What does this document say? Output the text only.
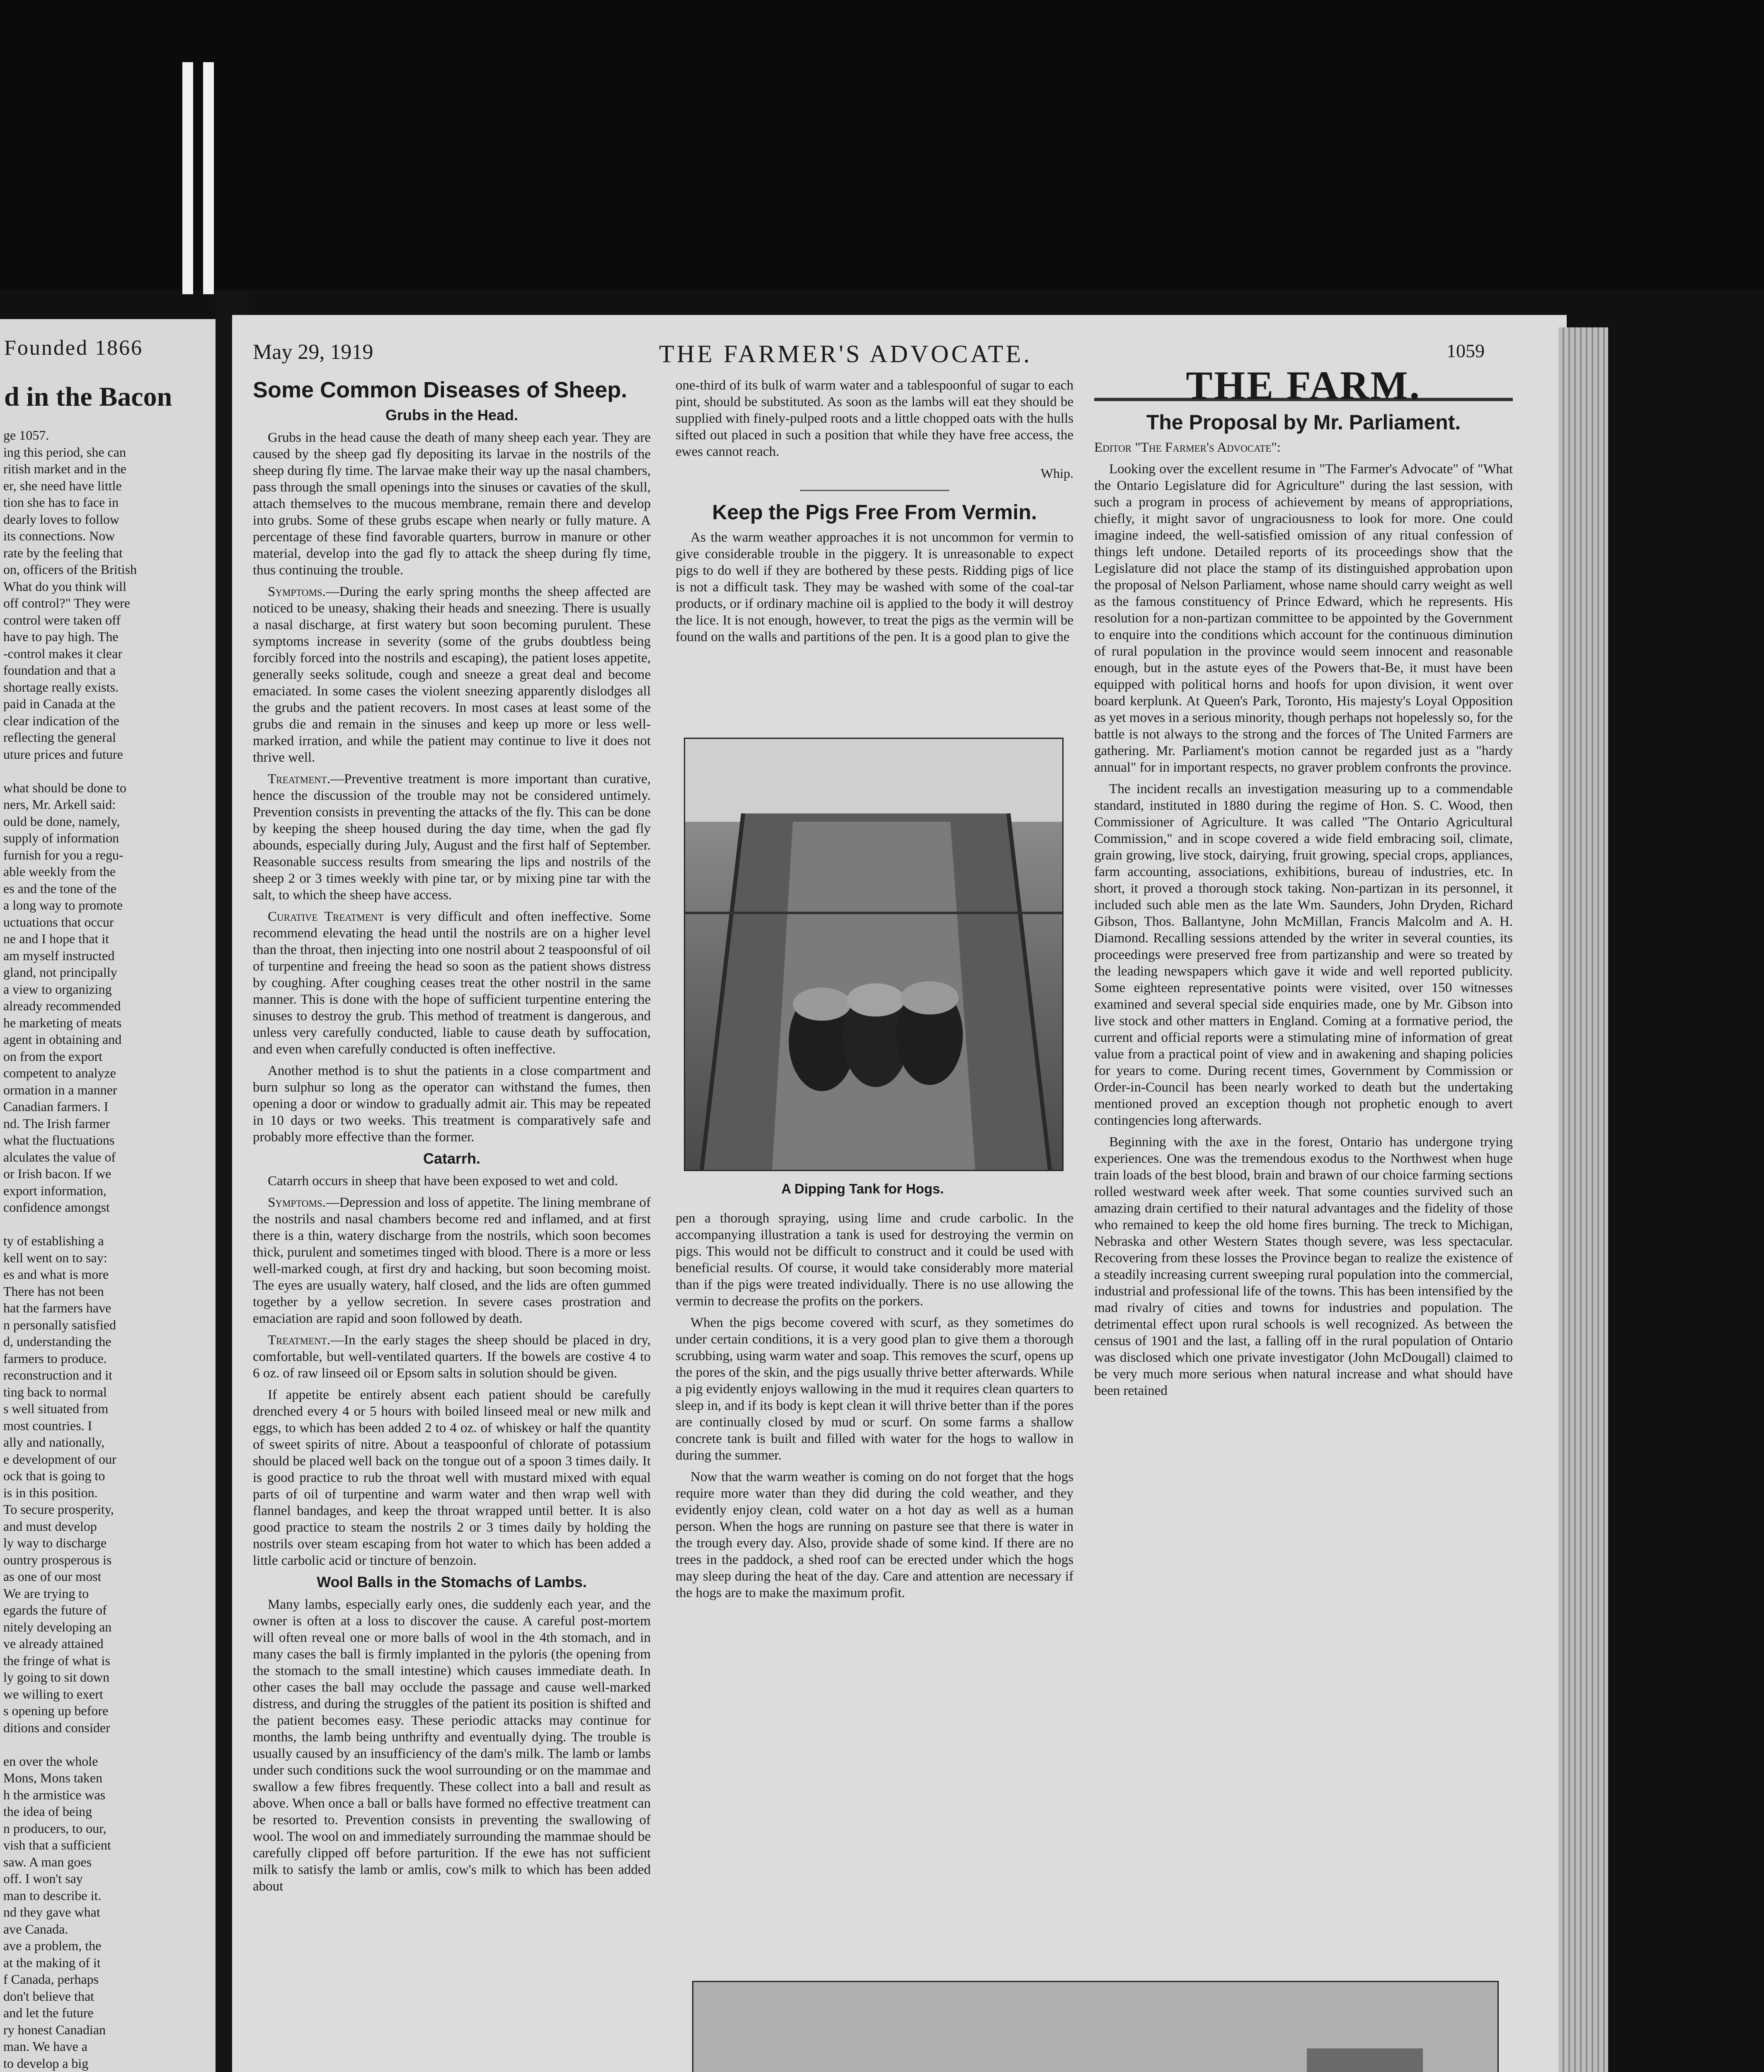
Founded 1866
d in the Bacon
ge 1057.
ing this period, she can
ritish market and in the
er, she need have little
tion she has to face in
dearly loves to follow
its connections. Now
rate by the feeling that
on, officers of the British
What do you think will
off control?" They were
control were taken off
have to pay high. The
-control makes it clear
foundation and that a
shortage really exists.
paid in Canada at the
clear indication of the
reflecting the general
uture prices and future

what should be done to
ners, Mr. Arkell said:
ould be done, namely,
supply of information
furnish for you a regu-
able weekly from the
es and the tone of the
a long way to promote
uctuations that occur
ne and I hope that it
am myself instructed
gland, not principally
a view to organizing
already recommended
he marketing of meats
agent in obtaining and
on from the export
competent to analyze
ormation in a manner
Canadian farmers. I
nd. The Irish farmer
what the fluctuations
alculates the value of
or Irish bacon. If we
export information,
confidence amongst

ty of establishing a
kell went on to say:
es and what is more
There has not been
hat the farmers have
n personally satisfied
d, understanding the
farmers to produce.
reconstruction and it
ting back to normal
s well situated from
most countries. I
ally and nationally,
e development of our
ock that is going to
is in this position.
To secure prosperity,
and must develop
ly way to discharge
ountry prosperous is
as one of our most
We are trying to
egards the future of
nitely developing an
ve already attained
the fringe of what is
ly going to sit down
we willing to exert
s opening up before
ditions and consider

en over the whole
Mons, Mons taken
h the armistice was
the idea of being
n producers, to our,
vish that a sufficient
saw. A man goes
off. I won't say
man to describe it.
nd they gave what
ave Canada.
ave a problem, the
at the making of it
f Canada, perhaps
don't believe that
and let the future
ry honest Canadian
man. We have a
to develop a big
May 29, 1919	THE FARMER'S ADVOCATE.	1059
Some Common Diseases of Sheep.
Grubs in the Head.

Grubs in the head cause the death of many sheep each year. They are caused by the sheep gad fly depositing its larvae in the nostrils of the sheep during fly time. The larvae make their way up the nasal chambers, pass through the small openings into the sinuses or cavaties of the skull, attach themselves to the mucous membrane, remain there and develop into grubs. Some of these grubs escape when nearly or fully mature. A percentage of these find favorable quarters, burrow in manure or other material, develop into the gad fly to attack the sheep during fly time, thus continuing the trouble.

Symptoms.—During the early spring months the sheep affected are noticed to be uneasy, shaking their heads and sneezing. There is usually a nasal discharge, at first watery but soon becoming purulent. These symptoms increase in severity (some of the grubs doubtless being forcibly forced into the nostrils and escaping), the patient loses appetite, generally seeks solitude, cough and sneeze a great deal and become emaciated. In some cases the violent sneezing apparently dislodges all the grubs and the patient recovers. In most cases at least some of the grubs die and remain in the sinuses and keep up more or less well-marked irration, and while the patient may continue to live it does not thrive well.

Treatment.—Preventive treatment is more important than curative, hence the discussion of the trouble may not be considered untimely. Prevention consists in preventing the attacks of the fly. This can be done by keeping the sheep housed during the day time, when the gad fly abounds, especially during July, August and the first half of September. Reasonable success results from smearing the lips and nostrils of the sheep 2 or 3 times weekly with pine tar, or by mixing pine tar with the salt, to which the sheep have access.

Curative Treatment is very difficult and often ineffective. Some recommend elevating the head until the nostrils are on a higher level than the throat, then injecting into one nostril about 2 teaspoonsful of oil of turpentine and freeing the head so soon as the patient shows distress by coughing. After coughing ceases treat the other nostril in the same manner. This is done with the hope of sufficient turpentine entering the sinuses to destroy the grub. This method of treatment is dangerous, and unless very carefully conducted, liable to cause death by suffocation, and even when carefully conducted is often ineffective.

Another method is to shut the patients in a close compartment and burn sulphur so long as the operator can withstand the fumes, then opening a door or window to gradually admit air. This may be repeated in 10 days or two weeks. This treatment is comparatively safe and probably more effective than the former.

Catarrh.

Catarrh occurs in sheep that have been exposed to wet and cold.

Symptoms.—Depression and loss of appetite. The lining membrane of the nostrils and nasal chambers become red and inflamed, and at first there is a thin, watery discharge from the nostrils, which soon becomes thick, purulent and sometimes tinged with blood. There is a more or less well-marked cough, at first dry and hacking, but soon becoming moist. The eyes are usually watery, half closed, and the lids are often gummed together by a yellow secretion. In severe cases prostration and emaciation are rapid and soon followed by death.

Treatment.—In the early stages the sheep should be placed in dry, comfortable, but well-ventilated quarters. If the bowels are costive 4 to 6 oz. of raw linseed oil or Epsom salts in solution should be given.

If appetite be entirely absent each patient should be carefully drenched every 4 or 5 hours with boiled linseed meal or new milk and eggs, to which has been added 2 to 4 oz. of whiskey or half the quantity of sweet spirits of nitre. About a teaspoonful of chlorate of potassium should be placed well back on the tongue out of a spoon 3 times daily. It is good practice to rub the throat well with mustard mixed with equal parts of oil of turpentine and warm water and then wrap well with flannel bandages, and keep the throat wrapped until better. It is also good practice to steam the nostrils 2 or 3 times daily by holding the nostrils over steam escaping from hot water to which has been added a little carbolic acid or tincture of benzoin.

Wool Balls in the Stomachs of Lambs.

Many lambs, especially early ones, die suddenly each year, and the owner is often at a loss to discover the cause. A careful post-mortem will often reveal one or more balls of wool in the 4th stomach, and in many cases the ball is firmly implanted in the pyloris (the opening from the stomach to the small intestine) which causes immediate death. In other cases the ball may occlude the passage and cause well-marked distress, and during the struggles of the patient its position is shifted and the patient becomes easy. These periodic attacks may continue for months, the lamb being unthrifty and eventually dying. The trouble is usually caused by an insufficiency of the dam's milk. The lamb or lambs under such conditions suck the wool surrounding or on the mammae and swallow a few fibres frequently. These collect into a ball and result as above. When once a ball or balls have formed no effective treatment can be resorted to. Prevention consists in preventing the swallowing of wool. The wool on and immediately surrounding the mammae should be carefully clipped off before parturition. If the ewe has not sufficient milk to satisfy the lamb or amlis, cow's milk to which has been added about

one-third of its bulk of warm water and a tablespoonful of sugar to each pint, should be substituted. As soon as the lambs will eat they should be supplied with finely-pulped roots and a little chopped oats with the hulls sifted out placed in such a position that while they have free access, the ewes cannot reach.

Whip.
Keep the Pigs Free From Vermin.

As the warm weather approaches it is not uncommon for vermin to give considerable trouble in the piggery. It is unreasonable to expect pigs to do well if they are bothered by these pests. Ridding pigs of lice is not a difficult task. They may be washed with some of the coal-tar products, or if ordinary machine oil is applied to the body it will destroy the lice. It is not enough, however, to treat the pigs as the vermin will be found on the walls and partitions of the pen. It is a good plan to give the

A Dipping Tank for Hogs.

pen a thorough spraying, using lime and crude carbolic. In the accompanying illustration a tank is used for destroying the vermin on pigs. This would not be difficult to construct and it could be used with beneficial results. Of course, it would take considerably more material than if the pigs were treated individually. There is no use allowing the vermin to decrease the profits on the porkers.

When the pigs become covered with scurf, as they sometimes do under certain conditions, it is a very good plan to give them a thorough scrubbing, using warm water and soap. This removes the scurf, opens up the pores of the skin, and the pigs usually thrive better afterwards. While a pig evidently enjoys wallowing in the mud it requires clean quarters to sleep in, and if its body is kept clean it will thrive better than if the pores are continually closed by mud or scurf. On some farms a shallow concrete tank is built and filled with water for the hogs to wallow in during the summer.

Now that the warm weather is coming on do not forget that the hogs require more water than they did during the cold weather, and they evidently enjoy clean, cold water on a hot day as well as a human person. When the hogs are running on pasture see that there is water in the trough every day. Also, provide shade of some kind. If there are no trees in the paddock, a shed roof can be erected under which the hogs may sleep during the heat of the day. Care and attention are necessary if the hogs are to make the maximum profit.

THE FARM.
The Proposal by Mr. Parliament.

Editor "The Farmer's Advocate":

Looking over the excellent resume in "The Farmer's Advocate" of "What the Ontario Legislature did for Agriculture" during the last session, with such a program in process of achievement by means of appropriations, chiefly, it might savor of ungraciousness to look for more. One could imagine indeed, the well-satisfied omission of any ritual confession of things left undone. Detailed reports of its proceedings show that the Legislature did not place the stamp of its distinguished approbation upon the proposal of Nelson Parliament, whose name should carry weight as well as the famous constituency of Prince Edward, which he represents. His resolution for a non-partizan committee to be appointed by the Government to enquire into the conditions which account for the continuous diminution of rural population in the province would seem innocent and reasonable enough, but in the astute eyes of the Powers that-Be, it must have been equipped with political horns and hoofs for upon division, it went over board kerplunk. At Queen's Park, Toronto, His majesty's Loyal Opposition as yet moves in a serious minority, though perhaps not hopelessly so, for the battle is not always to the strong and the forces of The United Farmers are gathering. Mr. Parliament's motion cannot be regarded just as a "hardy annual" for in important respects, no graver problem confronts the province.

The incident recalls an investigation measuring up to a commendable standard, instituted in 1880 during the regime of Hon. S. C. Wood, then Commissioner of Agriculture. It was called "The Ontario Agricultural Commission," and in scope covered a wide field embracing soil, climate, grain growing, live stock, dairying, fruit growing, special crops, appliances, farm accounting, associations, exhibitions, bureau of industries, etc. In short, it proved a thorough stock taking. Non-partizan in its personnel, it included such able men as the late Wm. Saunders, John Dryden, Richard Gibson, Thos. Ballantyne, John McMillan, Francis Malcolm and A. H. Diamond. Recalling sessions attended by the writer in several counties, its proceedings were preserved free from partizanship and were so treated by the leading newspapers which gave it wide and well reported publicity. Some eighteen representative points were visited, over 150 witnesses examined and several special side enquiries made, one by Mr. Gibson into live stock and other matters in England. Coming at a formative period, the current and official reports were a stimulating mine of information of great value from a practical point of view and in awakening and shaping policies for years to come. During recent times, Government by Commission or Order-in-Council has been nearly worked to death but the undertaking mentioned proved an exception though not prophetic enough to avert contingencies long afterwards.

Beginning with the axe in the forest, Ontario has undergone trying experiences. One was the tremendous exodus to the Northwest when huge train loads of the best blood, brain and brawn of our choice farming sections rolled westward week after week. That some counties survived such an amazing drain certified to their natural advantages and the fidelity of those who remained to keep the old home fires burning. The treck to Michigan, Nebraska and other Western States though severe, was less spectacular. Recovering from these losses the Province began to realize the existence of a steadily increasing current sweeping rural population into the commercial, industrial and professional life of the towns. This has been intensified by the mad rivalry of cities and towns for industries and population. The detrimental effect upon rural schools is well recognized. As between the census of 1901 and the last, a falling off in the rural population of Ontario was disclosed which one private investigator (John McDougall) claimed to be very much more serious when natural increase and what should have been retained
